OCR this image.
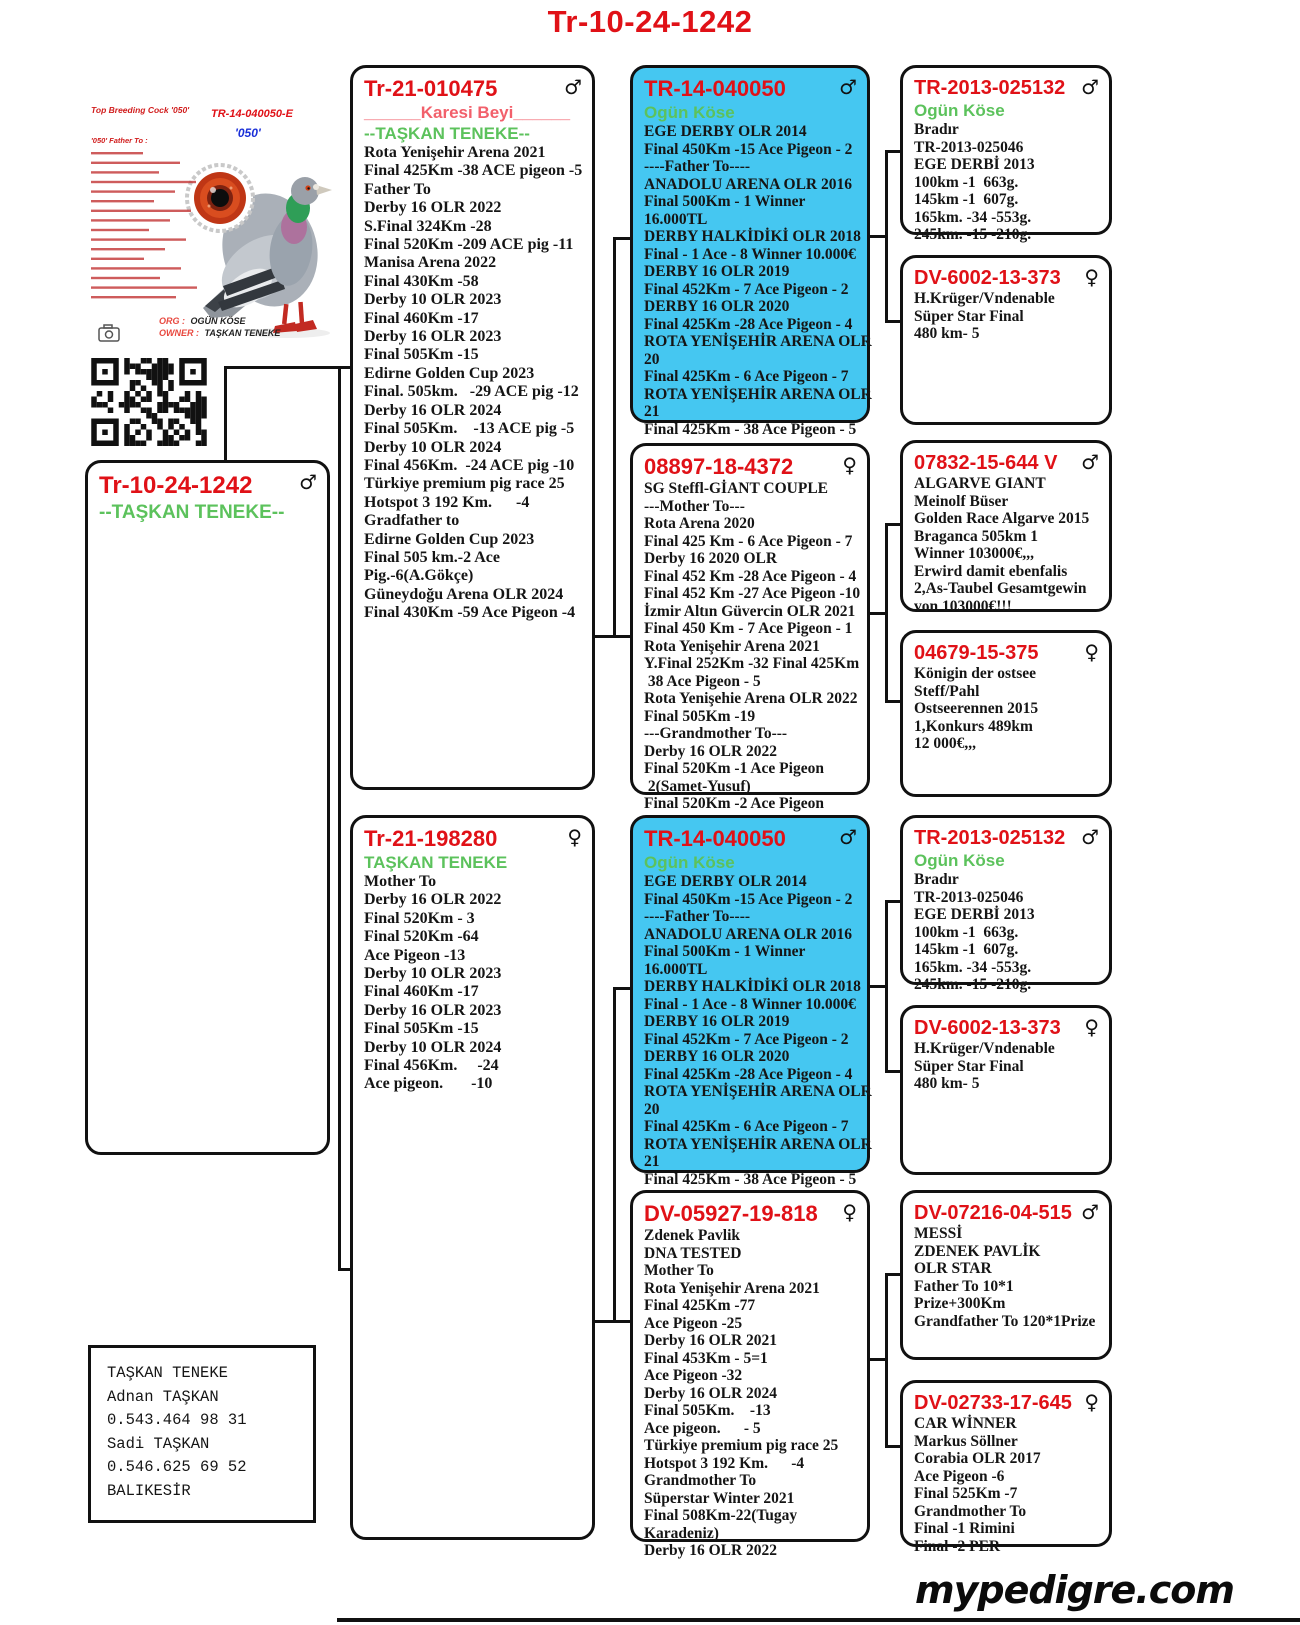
Tr-10-24-1242
Top Breeding Cock '050'
'050' Father To :
TR-14-040050-E
'050'
ORG : OGÜN KÖSE
OWNER : TAŞKAN TENEKE
Tr-10-24-1242 ♂
--TAŞKAN TENEKE--
Tr-21-010475	♂
______Karesi Beyi______
--TAŞKAN TENEKE--
Rota Yenişehir Arena 2021
Final 425Km -38 ACE pigeon -5
Father To
Derby 16 OLR 2022
S.Final 324Km -28
Final 520Km -209 ACE pig -11
Manisa Arena 2022
Final 430Km -58
Derby 10 OLR 2023
Final 460Km -17
Derby 16 OLR 2023
Final 505Km -15
Edirne Golden Cup 2023
Final. 505km.   -29 ACE pig -12
Derby 16 OLR 2024
Final 505Km.    -13 ACE pig -5
Derby 10 OLR 2024
Final 456Km.  -24 ACE pig -10
Türkiye premium pig race 25
Hotspot 3 192 Km.      -4
Gradfather to
Edirne Golden Cup 2023
Final 505 km.-2 Ace
Pig.-6(A.Gökçe)
Güneydoğu Arena OLR 2024
Final 430Km -59 Ace Pigeon -4
Tr-21-198280	♀
TAŞKAN TENEKE
Mother To
Derby 16 OLR 2022
Final 520Km - 3
Final 520Km -64
Ace Pigeon -13
Derby 10 OLR 2023
Final 460Km -17
Derby 16 OLR 2023
Final 505Km -15
Derby 10 OLR 2024
Final 456Km.     -24
Ace pigeon.       -10
TR-14-040050	♂
Ogün Köse
EGE DERBY OLR 2014
Final 450Km -15 Ace Pigeon - 2
----Father To----
ANADOLU ARENA OLR 2016
Final 500Km - 1 Winner
16.000TL
DERBY HALKİDİKİ OLR 2018
Final - 1 Ace - 8 Winner 10.000€
DERBY 16 OLR 2019
Final 452Km - 7 Ace Pigeon - 2
DERBY 16 OLR 2020
Final 425Km -28 Ace Pigeon - 4
ROTA YENİŞEHİR ARENA OLR
20
Final 425Km - 6 Ace Pigeon - 7
ROTA YENİŞEHİR ARENA OLR
21
Final 425Km - 38 Ace Pigeon - 5
08897-18-4372 ♀
SG Steffl-GİANT COUPLE
---Mother To---
Rota Arena 2020
Final 425 Km - 6 Ace Pigeon - 7
Derby 16 2020 OLR
Final 452 Km -28 Ace Pigeon - 4
Final 452 Km -27 Ace Pigeon -10
İzmir Altın Güvercin OLR 2021
Final 450 Km - 7 Ace Pigeon - 1
Rota Yenişehir Arena 2021
Y.Final 252Km -32 Final 425Km
38 Ace Pigeon - 5
Rota Yenişehie Arena OLR 2022
Final 505Km -19
---Grandmother To---
Derby 16 OLR 2022
Final 520Km -1 Ace Pigeon
2(Samet-Yusuf)
Final 520Km -2 Ace Pigeon
TR-14-040050	♂
Ogün Köse
EGE DERBY OLR 2014
Final 450Km -15 Ace Pigeon - 2
----Father To----
ANADOLU ARENA OLR 2016
Final 500Km - 1 Winner
16.000TL
DERBY HALKİDİKİ OLR 2018
Final - 1 Ace - 8 Winner 10.000€
DERBY 16 OLR 2019
Final 452Km - 7 Ace Pigeon - 2
DERBY 16 OLR 2020
Final 425Km -28 Ace Pigeon - 4
ROTA YENİŞEHİR ARENA OLR
20
Final 425Km - 6 Ace Pigeon - 7
ROTA YENİŞEHİR ARENA OLR
21
Final 425Km - 38 Ace Pigeon - 5
DV-05927-19-818 ♀
Zdenek Pavlik
DNA TESTED
Mother To
Rota Yenişehir Arena 2021
Final 425Km -77
Ace Pigeon -25
Derby 16 OLR 2021
Final 453Km - 5=1
Ace Pigeon -32
Derby 16 OLR 2024
Final 505Km.    -13
Ace pigeon.      - 5
Türkiye premium pig race 25
Hotspot 3 192 Km.      -4
Grandmother To
Süperstar Winter 2021
Final 508Km-22(Tugay
Karadeniz)
Derby 16 OLR 2022
TR-2013-025132 ♂
Ogün Köse
Bradır
TR-2013-025046
EGE DERBİ 2013
100km -1  663g.
145km -1  607g.
165km. -34 -553g.
245km. -15 -210g.
DV-6002-13-373 ♀
H.Krüger/Vndenable
Süper Star Final
480 km- 5
07832-15-644 V ♂
ALGARVE GIANT
Meinolf Büser
Golden Race Algarve 2015
Braganca 505km 1
Winner 103000€,,,
Erwird damit ebenfalis
2,As-Taubel Gesamtgewin
von 103000€!!!
04679-15-375 ♀
Königin der ostsee
Steff/Pahl
Ostseerennen 2015
1,Konkurs 489km
12 000€,,,
TR-2013-025132 ♂
Ogün Köse
Bradır
TR-2013-025046
EGE DERBİ 2013
100km -1  663g.
145km -1  607g.
165km. -34 -553g.
245km. -15 -210g.
DV-6002-13-373 ♀
H.Krüger/Vndenable
Süper Star Final
480 km- 5
DV-07216-04-515 ♂
MESSİ
ZDENEK PAVLİK
OLR STAR
Father To 10*1
Prize+300Km
Grandfather To 120*1Prize
DV-02733-17-645 ♀
CAR WİNNER
Markus Söllner
Corabia OLR 2017
Ace Pigeon -6
Final 525Km -7
Grandmother To
Final -1 Rimini
Final -2 PER
TAŞKAN TENEKE
Adnan TAŞKAN
0.543.464 98 31
Sadi TAŞKAN
0.546.625 69 52
BALIKESİR
mypedigre.com
